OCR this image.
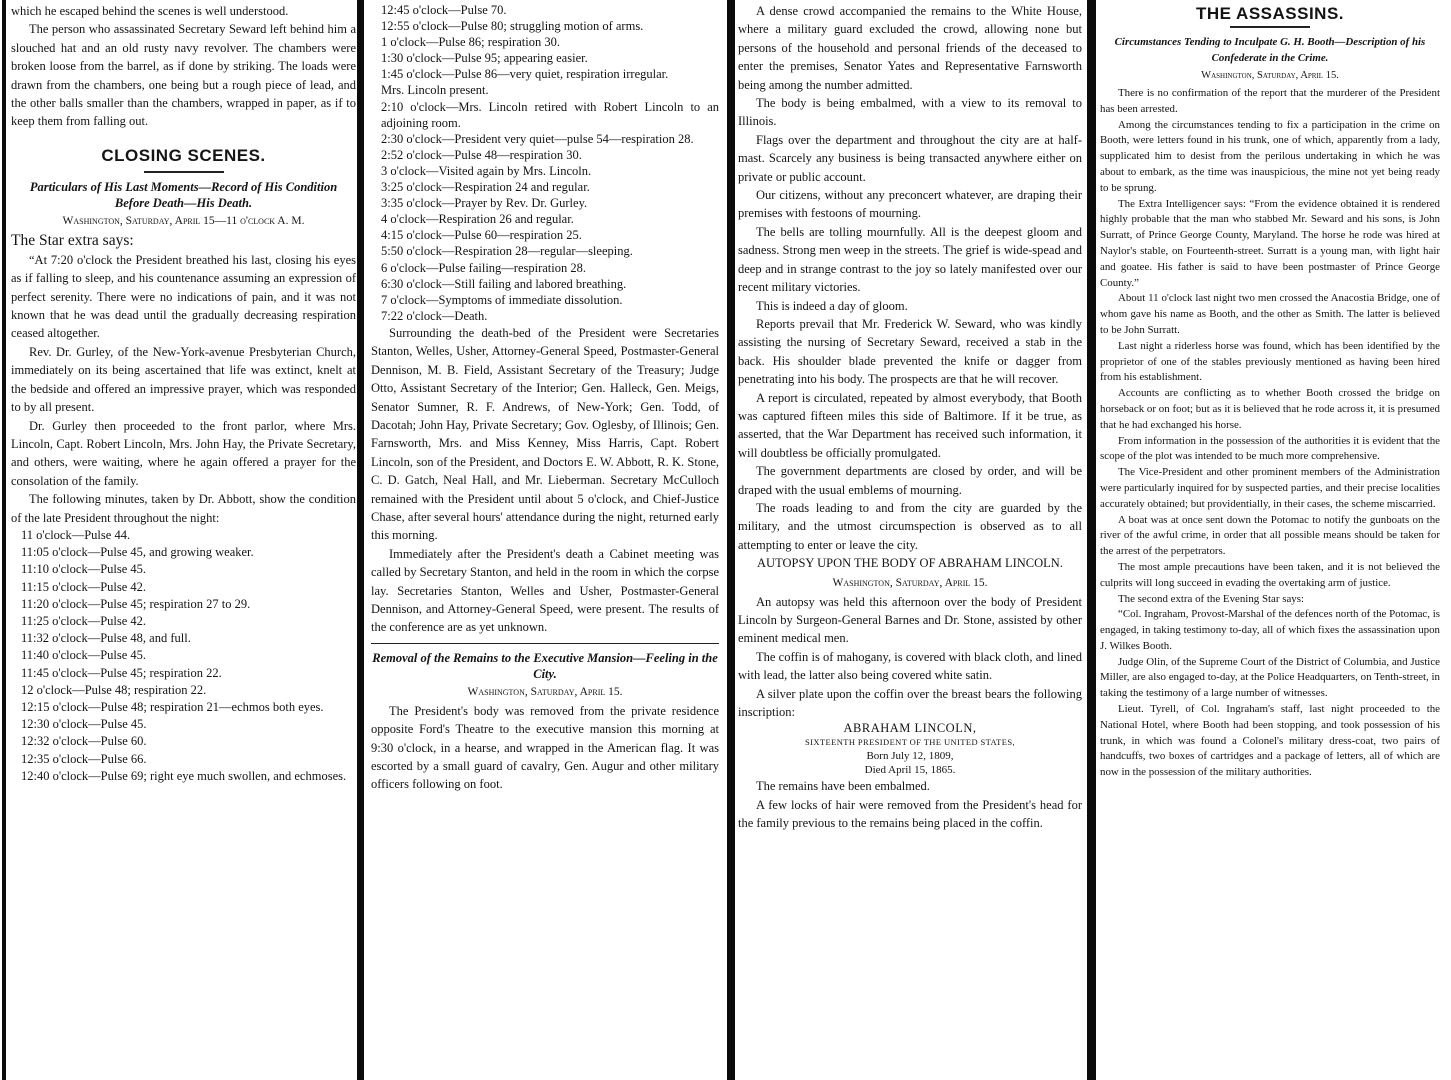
which he escaped behind the scenes is well understood.

The person who assassinated Secretary Seward left behind him a slouched hat and an old rusty navy revolver. The chambers were broken loose from the barrel, as if done by striking. The loads were drawn from the chambers, one being but a rough piece of lead, and the other balls smaller than the chambers, wrapped in paper, as if to keep them from falling out.

CLOSING SCENES.
Particulars of His Last Moments—Record of His Condition Before Death—His Death.
Washington, Saturday, April 15—11 o'clock A. M.

The Star extra says:

“At 7:20 o'clock the President breathed his last, closing his eyes as if falling to sleep, and his countenance assuming an expression of perfect serenity. There were no indications of pain, and it was not known that he was dead until the gradually decreasing respiration ceased altogether.

Rev. Dr. Gurley, of the New-York-avenue Presbyterian Church, immediately on its being ascertained that life was extinct, knelt at the bedside and offered an impressive prayer, which was responded to by all present.

Dr. Gurley then proceeded to the front parlor, where Mrs. Lincoln, Capt. Robert Lincoln, Mrs. John Hay, the Private Secretary, and others, were waiting, where he again offered a prayer for the consolation of the family.

The following minutes, taken by Dr. Abbott, show the condition of the late President throughout the night:

11 o'clock—Pulse 44.
11:05 o'clock—Pulse 45, and growing weaker.
11:10 o'clock—Pulse 45.
11:15 o'clock—Pulse 42.
11:20 o'clock—Pulse 45; respiration 27 to 29.
11:25 o'clock—Pulse 42.
11:32 o'clock—Pulse 48, and full.
11:40 o'clock—Pulse 45.
11:45 o'clock—Pulse 45; respiration 22.
12 o'clock—Pulse 48; respiration 22.
12:15 o'clock—Pulse 48; respiration 21—echmos both eyes.
12:30 o'clock—Pulse 45.
12:32 o'clock—Pulse 60.
12:35 o'clock—Pulse 66.
12:40 o'clock—Pulse 69; right eye much swollen, and echmoses.
12:45 o'clock—Pulse 70.
12:55 o'clock—Pulse 80; struggling motion of arms.
1 o'clock—Pulse 86; respiration 30.
1:30 o'clock—Pulse 95; appearing easier.
1:45 o'clock—Pulse 86—very quiet, respiration irregular.
Mrs. Lincoln present.
2:10 o'clock—Mrs. Lincoln retired with Robert Lincoln to an adjoining room.
2:30 o'clock—President very quiet—pulse 54—respiration 28.
2:52 o'clock—Pulse 48—respiration 30.
3 o'clock—Visited again by Mrs. Lincoln.
3:25 o'clock—Respiration 24 and regular.
3:35 o'clock—Prayer by Rev. Dr. Gurley.
4 o'clock—Respiration 26 and regular.
4:15 o'clock—Pulse 60—respiration 25.
5:50 o'clock—Respiration 28—regular—sleeping.
6 o'clock—Pulse failing—respiration 28.
6:30 o'clock—Still failing and labored breathing.
7 o'clock—Symptoms of immediate dissolution.
7:22 o'clock—Death.

Surrounding the death-bed of the President were Secretaries Stanton, Welles, Usher, Attorney-General Speed, Postmaster-General Dennison, M. B. Field, Assistant Secretary of the Treasury; Judge Otto, Assistant Secretary of the Interior; Gen. Halleck, Gen. Meigs, Senator Sumner, R. F. Andrews, of New-York; Gen. Todd, of Dacotah; John Hay, Private Secretary; Gov. Oglesby, of Illinois; Gen. Farnsworth, Mrs. and Miss Kenney, Miss Harris, Capt. Robert Lincoln, son of the President, and Doctors E. W. Abbott, R. K. Stone, C. D. Gatch, Neal Hall, and Mr. Lieberman. Secretary McCulloch remained with the President until about 5 o'clock, and Chief-Justice Chase, after several hours' attendance during the night, returned early this morning.

Immediately after the President's death a Cabinet meeting was called by Secretary Stanton, and held in the room in which the corpse lay. Secretaries Stanton, Welles and Usher, Postmaster-General Dennison, and Attorney-General Speed, were present. The results of the conference are as yet unknown.

Removal of the Remains to the Executive Mansion—Feeling in the City.
Washington, Saturday, April 15.

The President's body was removed from the private residence opposite Ford's Theatre to the executive mansion this morning at 9:30 o'clock, in a hearse, and wrapped in the American flag. It was escorted by a small guard of cavalry, Gen. Augur and other military officers following on foot.

A dense crowd accompanied the remains to the White House, where a military guard excluded the crowd, allowing none but persons of the household and personal friends of the deceased to enter the premises, Senator Yates and Representative Farnsworth being among the number admitted.

The body is being embalmed, with a view to its removal to Illinois.

Flags over the department and throughout the city are at half-mast. Scarcely any business is being transacted anywhere either on private or public account.

Our citizens, without any preconcert whatever, are draping their premises with festoons of mourning.

The bells are tolling mournfully. All is the deepest gloom and sadness. Strong men weep in the streets. The grief is wide-spead and deep and in strange contrast to the joy so lately manifested over our recent military victories.

This is indeed a day of gloom.

Reports prevail that Mr. Frederick W. Seward, who was kindly assisting the nursing of Secretary Seward, received a stab in the back. His shoulder blade prevented the knife or dagger from penetrating into his body. The prospects are that he will recover.

A report is circulated, repeated by almost everybody, that Booth was captured fifteen miles this side of Baltimore. If it be true, as asserted, that the War Department has received such information, it will doubtless be officially promulgated.

The government departments are closed by order, and will be draped with the usual emblems of mourning.

The roads leading to and from the city are guarded by the military, and the utmost circumspection is observed as to all attempting to enter or leave the city.

AUTOPSY UPON THE BODY OF ABRAHAM LINCOLN.
Washington, Saturday, April 15.

An autopsy was held this afternoon over the body of President Lincoln by Surgeon-General Barnes and Dr. Stone, assisted by other eminent medical men.

The coffin is of mahogany, is covered with black cloth, and lined with lead, the latter also being covered white satin.

A silver plate upon the coffin over the breast bears the following inscription:

ABRAHAM LINCOLN,
SIXTEENTH PRESIDENT OF THE UNITED STATES,
Born July 12, 1809,
Died April 15, 1865.

The remains have been embalmed.

A few locks of hair were removed from the President's head for the family previous to the remains being placed in the coffin.

THE ASSASSINS.
Circumstances Tending to Inculpate G. H. Booth—Description of his Confederate in the Crime.
Washington, Saturday, April 15.

There is no confirmation of the report that the murderer of the President has been arrested.

Among the circumstances tending to fix a participation in the crime on Booth, were letters found in his trunk, one of which, apparently from a lady, supplicated him to desist from the perilous undertaking in which he was about to embark, as the time was inauspicious, the mine not yet being ready to be sprung.

The Extra Intelligencer says: “From the evidence obtained it is rendered highly probable that the man who stabbed Mr. Seward and his sons, is John Surratt, of Prince George County, Maryland. The horse he rode was hired at Naylor's stable, on Fourteenth-street. Surratt is a young man, with light hair and goatee. His father is said to have been postmaster of Prince George County.”

About 11 o'clock last night two men crossed the Anacostia Bridge, one of whom gave his name as Booth, and the other as Smith. The latter is believed to be John Surratt.

Last night a riderless horse was found, which has been identified by the proprietor of one of the stables previously mentioned as having been hired from his establishment.

Accounts are conflicting as to whether Booth crossed the bridge on horseback or on foot; but as it is believed that he rode across it, it is presumed that he had exchanged his horse.

From information in the possession of the authorities it is evident that the scope of the plot was intended to be much more comprehensive.

The Vice-President and other prominent members of the Administration were particularly inquired for by suspected parties, and their precise localities accurately obtained; but providentially, in their cases, the scheme miscarried.

A boat was at once sent down the Potomac to notify the gunboats on the river of the awful crime, in order that all possible means should be taken for the arrest of the perpetrators.

The most ample precautions have been taken, and it is not believed the culprits will long succeed in evading the overtaking arm of justice.

The second extra of the Evening Star says:

“Col. Ingraham, Provost-Marshal of the defences north of the Potomac, is engaged, in taking testimony to-day, all of which fixes the assassination upon J. Wilkes Booth.

Judge Olin, of the Supreme Court of the District of Columbia, and Justice Miller, are also engaged to-day, at the Police Headquarters, on Tenth-street, in taking the testimony of a large number of witnesses.

Lieut. Tyrell, of Col. Ingraham's staff, last night proceeded to the National Hotel, where Booth had been stopping, and took possession of his trunk, in which was found a Colonel's military dress-coat, two pairs of handcuffs, two boxes of cartridges and a package of letters, all of which are now in the possession of the military authorities.
